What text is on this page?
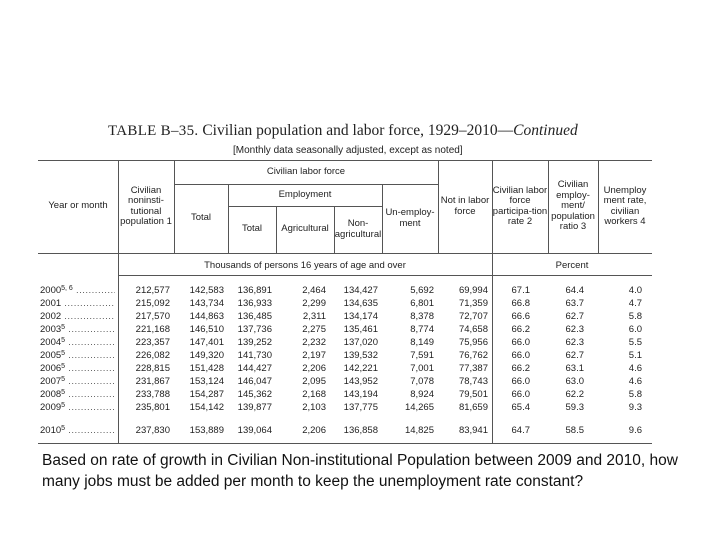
TABLE B–35. Civilian population and labor force, 1929–2010—Continued
[Monthly data seasonally adjusted, except as noted]
Year or month
Civilian noninsti-tutional population 1
Civilian labor force
Total
Employment
Total	Agricultural	Non-agricultural
Un-employ-ment
Not in labor force
Civilian labor force participa-tion rate 2
Civilian employ-ment/ population ratio 3
Unemploy ment rate, civilian workers 4
Thousands of persons 16 years of age and over	Percent
2000$^{5, 6}$ .....	212,577	142,583	136,891	2,464	134,427	5,692	69,994	67.1	64.4	4.0
2001 .....	215,092	143,734	136,933	2,299	134,635	6,801	71,359	66.8	63.7	4.7
2002 .....	217,570	144,863	136,485	2,311	134,174	8,378	72,707	66.6	62.7	5.8
2003$^5$ .....	221,168	146,510	137,736	2,275	135,461	8,774	74,658	66.2	62.3	6.0
2004$^5$ .....	223,357	147,401	139,252	2,232	137,020	8,149	75,956	66.0	62.3	5.5
2005$^5$ .....	226,082	149,320	141,730	2,197	139,532	7,591	76,762	66.0	62.7	5.1
2006$^5$ .....	228,815	151,428	144,427	2,206	142,221	7,001	77,387	66.2	63.1	4.6
2007$^5$ .....	231,867	153,124	146,047	2,095	143,952	7,078	78,743	66.0	63.0	4.6
2008$^5$ .....	233,788	154,287	145,362	2,168	143,194	8,924	79,501	66.0	62.2	5.8
2009$^5$ .....	235,801	154,142	139,877	2,103	137,775	14,265	81,659	65.4	59.3	9.3
2010$^5$ .....	237,830	153,889	139,064	2,206	136,858	14,825	83,941	64.7	58.5	9.6
Based on rate of growth in Civilian Non-institutional Population between 2009 and 2010, how many jobs must be added per month to keep the unemployment rate constant?
